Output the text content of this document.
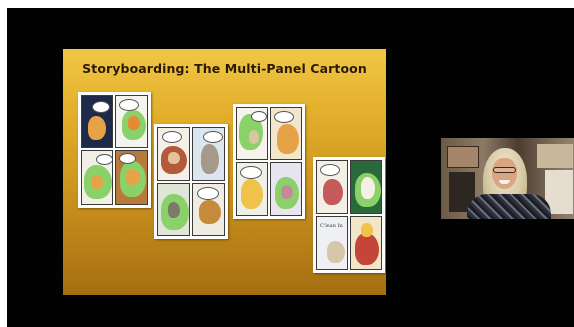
Storyboarding: The Multi-Panel Cartoon
C'lean In
